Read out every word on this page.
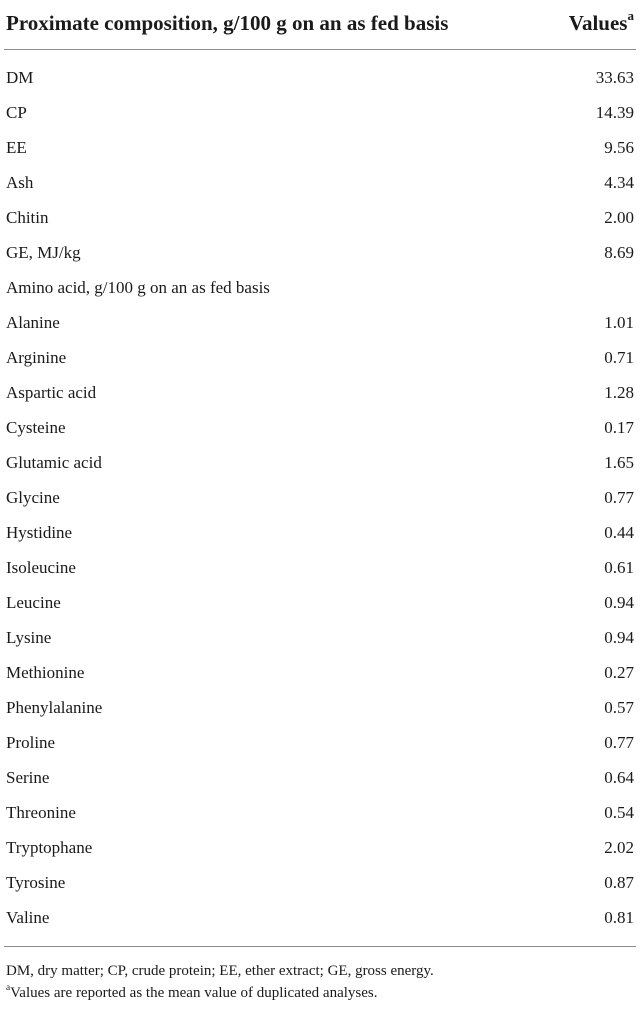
Proximate composition, g/100 g on an as fed basis	Values$^a$
DM	33.63
CP	14.39
EE	9.56
Ash	4.34
Chitin	2.00
GE, MJ/kg	8.69
Amino acid, g/100 g on an as fed basis
Alanine	1.01
Arginine	0.71
Aspartic acid	1.28
Cysteine	0.17
Glutamic acid	1.65
Glycine	0.77
Hystidine	0.44
Isoleucine	0.61
Leucine	0.94
Lysine	0.94
Methionine	0.27
Phenylalanine	0.57
Proline	0.77
Serine	0.64
Threonine	0.54
Tryptophane	2.02
Tyrosine	0.87
Valine	0.81
DM, dry matter; CP, crude protein; EE, ether extract; GE, gross energy.
$^a$Values are reported as the mean value of duplicated analyses.
